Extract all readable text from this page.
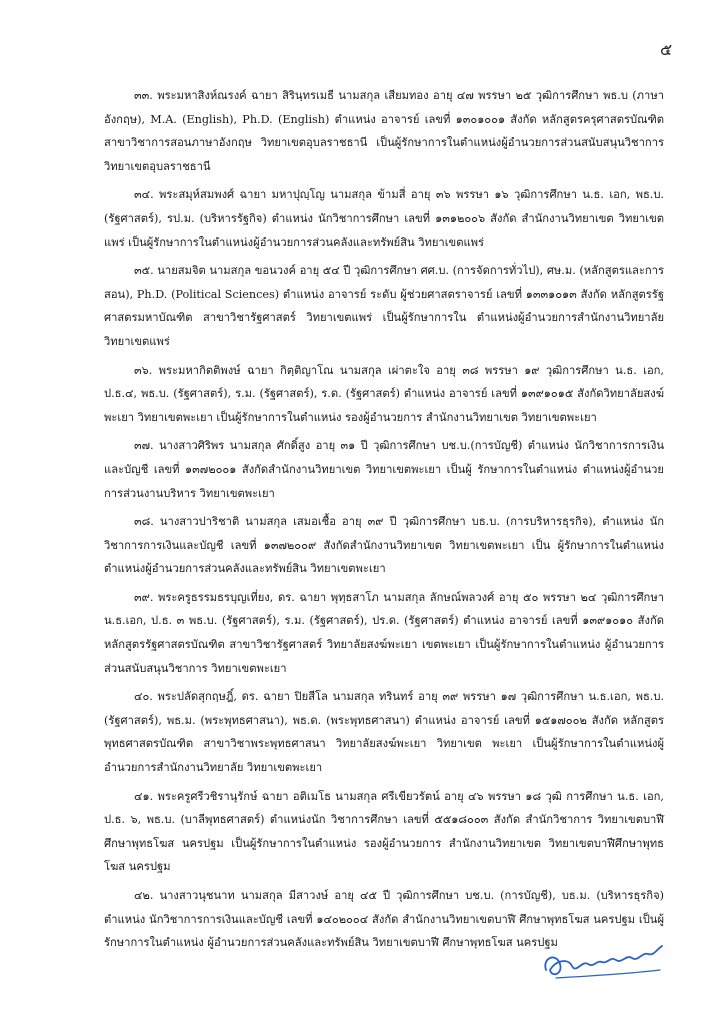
๕

๓๓. พระมหาสิงห์ณรงค์ ฉายา สิรินฺทรเมธี นามสกุล เสียมทอง อายุ ๔๗ พรรษา ๒๕ วุฒิการศึกษา พธ.บ (ภาษาอังกฤษ), M.A. (English), Ph.D. (English) ตำแหน่ง อาจารย์ เลขที่ ๑๓๐๑๐๐๑ สังกัด หลักสูตรครุศาสตรบัณฑิต สาขาวิชาการสอนภาษาอังกฤษ วิทยาเขตอุบลราชธานี เป็นผู้รักษาการในตำแหน่งผู้อำนวยการส่วนสนับสนุนวิชาการ วิทยาเขตอุบลราชธานี

๓๔. พระสมุห์สมพงศ์ ฉายา มหาปุญฺโญ นามสกุล ข้ามสี่ อายุ ๓๖ พรรษา ๑๖ วุฒิการศึกษา น.ธ. เอก, พธ.บ. (รัฐศาสตร์), รป.ม. (บริหารรัฐกิจ) ตำแหน่ง นักวิชาการศึกษา เลขที่ ๑๓๑๒๐๐๖ สังกัด สำนักงานวิทยาเขต วิทยาเขตแพร่ เป็นผู้รักษาการในตำแหน่งผู้อำนวยการส่วนคลังและทรัพย์สิน วิทยาเขตแพร่

๓๕. นายสมจิต นามสกุล ขอนวงค์ อายุ ๕๔ ปี วุฒิการศึกษา ศศ.บ. (การจัดการทั่วไป), ศษ.ม. (หลักสูตรและการสอน), Ph.D. (Political Sciences) ตำแหน่ง อาจารย์ ระดับ ผู้ช่วยศาสตราจารย์ เลขที่ ๑๓๓๑๐๑๓ สังกัด หลักสูตรรัฐศาสตรมหาบัณฑิต สาขาวิชารัฐศาสตร์ วิทยาเขตแพร่ เป็นผู้รักษาการใน ตำแหน่งผู้อำนวยการสำนักงานวิทยาลัย วิทยาเขตแพร่

๓๖. พระมหากิตติพงษ์ ฉายา กิตฺติญาโณ นามสกุล เผ่าตะใจ อายุ ๓๘ พรรษา ๑๙ วุฒิการศึกษา น.ธ. เอก, ป.ธ.๔, พธ.บ. (รัฐศาสตร์), ร.ม. (รัฐศาสตร์), ร.ด. (รัฐศาสตร์) ตำแหน่ง อาจารย์ เลขที่ ๑๓๙๑๐๑๕ สังกัดวิทยาลัยสงฆ์พะเยา วิทยาเขตพะเยา เป็นผู้รักษาการในตำแหน่ง รองผู้อำนวยการ สำนักงานวิทยาเขต วิทยาเขตพะเยา

๓๗. นางสาวศิริพร นามสกุล ศักดิ์สูง อายุ ๓๑ ปี วุฒิการศึกษา บช.บ.(การบัญชี) ตำแหน่ง นักวิชาการการเงินและบัญชี เลขที่ ๑๓๗๒๐๐๑ สังกัดสำนักงานวิทยาเขต วิทยาเขตพะเยา เป็นผู้ รักษาการในตำแหน่ง ตำแหน่งผู้อำนวยการส่วนงานบริหาร วิทยาเขตพะเยา

๓๘. นางสาวปาริชาติ นามสกุล เสมอเชื้อ อายุ ๓๙ ปี วุฒิการศึกษา บธ.บ. (การบริหารธุรกิจ), ตำแหน่ง นักวิชาการการเงินและบัญชี เลขที่ ๑๓๗๒๐๐๙ สังกัดสำนักงานวิทยาเขต วิทยาเขตพะเยา เป็น ผู้รักษาการในตำแหน่ง ตำแหน่งผู้อำนวยการส่วนคลังและทรัพย์สิน วิทยาเขตพะเยา

๓๙. พระครูธรรมธรบุญเที่ยง, ดร. ฉายา พุทฺธสาโภ นามสกุล ลักษณ์พลวงศ์ อายุ ๕๐ พรรษา ๒๔ วุฒิการศึกษา น.ธ.เอก, ป.ธ. ๓ พธ.บ. (รัฐศาสตร์), ร.ม. (รัฐศาสตร์), ปร.ด. (รัฐศาสตร์) ตำแหน่ง อาจารย์ เลขที่ ๑๓๙๑๐๑๐ สังกัด หลักสูตรรัฐศาสตรบัณฑิต สาขาวิชารัฐศาสตร์ วิทยาลัยสงฆ์พะเยา เขตพะเยา เป็นผู้รักษาการในตำแหน่ง ผู้อำนวยการส่วนสนับสนุนวิชาการ วิทยาเขตพะเยา

๔๐. พระปลัดสุกฤษฎิ์, ดร. ฉายา ปิยสีโล นามสกุล ทรินทร์ อายุ ๓๙ พรรษา ๑๗ วุฒิการศึกษา น.ธ.เอก, พธ.บ. (รัฐศาสตร์), พธ.ม. (พระพุทธศาสนา), พธ.ด. (พระพุทธศาสนา) ตำแหน่ง อาจารย์ เลขที่ ๑๕๑๗๐๐๒ สังกัด หลักสูตรพุทธศาสตรบัณฑิต สาขาวิชาพระพุทธศาสนา วิทยาลัยสงฆ์พะเยา วิทยาเขต พะเยา เป็นผู้รักษาการในตำแหน่งผู้อำนวยการสำนักงานวิทยาลัย วิทยาเขตพะเยา

๔๑. พระครูศรีวชิรานุรักษ์ ฉายา อติเมโธ นามสกุล ศรีเขียวรัตน์ อายุ ๔๖ พรรษา ๑๘ วุฒิ การศึกษา น.ธ. เอก, ป.ธ. ๖, พธ.บ. (บาลีพุทธศาสตร์) ตำแหน่งนัก วิชาการศึกษา เลขที่ ๕๕๑๘๐๐๓ สังกัด สำนักวิชาการ วิทยาเขตบาฬีศึกษาพุทธโฆส นครปฐม เป็นผู้รักษาการในตำแหน่ง รองผู้อำนวยการ สำนักงานวิทยาเขต วิทยาเขตบาฬีศึกษาพุทธโฆส นครปฐม

๔๒. นางสาวนุชนาท นามสกุล มีสาวงษ์ อายุ ๔๕ ปี วุฒิการศึกษา บช.บ. (การบัญชี), บธ.ม. (บริหารธุรกิจ) ตำแหน่ง นักวิชาการการเงินและบัญชี เลขที่ ๑๔๐๒๐๐๔ สังกัด สำนักงานวิทยาเขตบาฬี ศึกษาพุทธโฆส นครปฐม เป็นผู้รักษาการในตำแหน่ง ผู้อำนวยการส่วนคลังและทรัพย์สิน วิทยาเขตบาฬี ศึกษาพุทธโฆส นครปฐม
